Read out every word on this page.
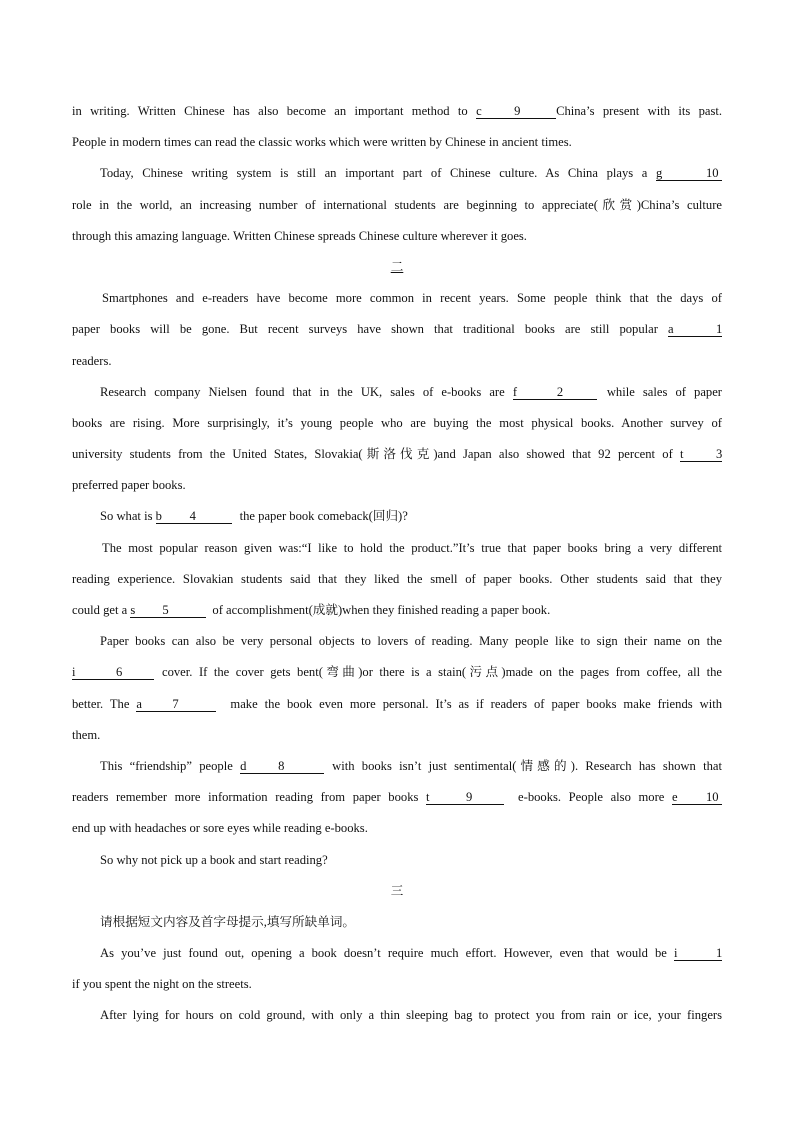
in writing. Written Chinese has also become an important method to c	9	China’s present with its past.
People in modern times can read the classic works which were written by Chinese in ancient times.
Today, Chinese writing system is still an important part of Chinese culture. As China plays a g	10
role in the world, an increasing number of international students are beginning to appreciate(欣赏)China’s culture
through this amazing language. Written Chinese spreads Chinese culture wherever it goes.
二
Smartphones and e-readers have become more common in recent years. Some people think that the days of
paper books will be gone. But recent surveys have shown that traditional books are still popular a	1
readers.
Research company Nielsen found that in the UK, sales of e-books are f	2	while sales of paper
books are rising. More surprisingly, it’s young people who are buying the most physical books. Another survey of
university students from the United States, Slovakia(斯洛伐克)and Japan also showed that 92 percent of t	3
preferred paper books.
So what is b 4	the paper book comeback(回归)?
The most popular reason given was:“I like to hold the product.”It’s true that paper books bring a very different
reading experience. Slovakian students said that they liked the smell of paper books. Other students said that they
could get a s 5	of accomplishment(成就)when they finished reading a paper book.
Paper books can also be very personal objects to lovers of reading. Many people like to sign their name on the
i	6	cover. If the cover gets bent(弯曲)or there is a stain(污点)made on the pages from coffee, all the
better. The a 7	make the book even more personal. It’s as if readers of paper books make friends with
them.
This “friendship” people d	8	with books isn’t just sentimental(情感的). Research has shown that
readers remember more information reading from paper books t	9	e-books. People also more e 10
end up with headaches or sore eyes while reading e-books.
So why not pick up a book and start reading?
三
请根据短文内容及首字母提示,填写所缺单词。
As you’ve just found out, opening a book doesn’t require much effort. However, even that would be i	1
if you spent the night on the streets.
After lying for hours on cold ground, with only a thin sleeping bag to protect you from rain or ice, your fingers
